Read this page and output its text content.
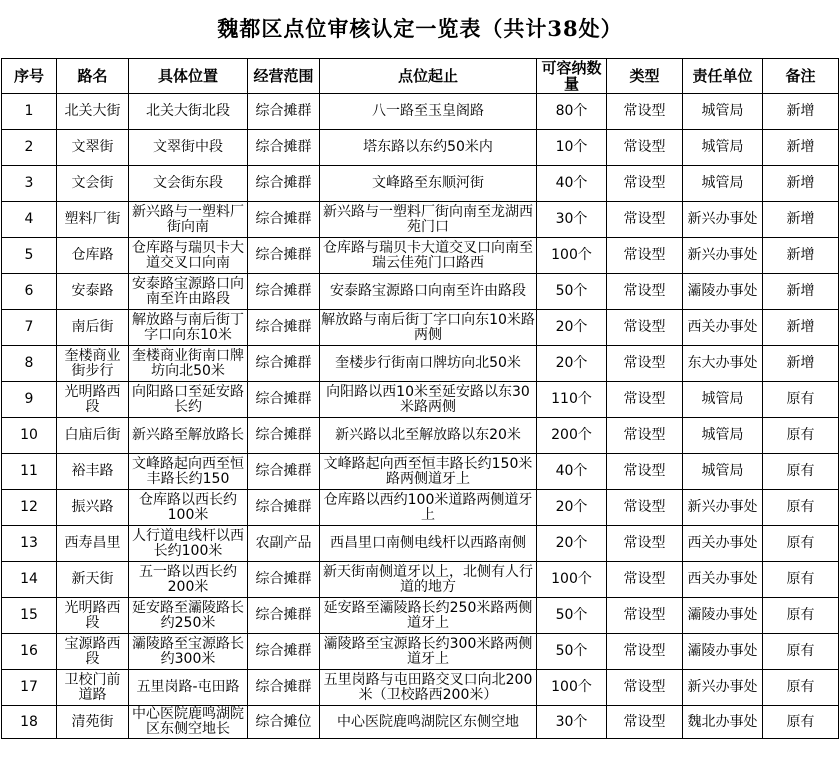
魏都区点位审核认定一览表（共计38处）
序号	路名	具体位置	经营范围	点位起止	可容纳数量	类型	责任单位	备注
1	北关大街	北关大街北段	综合摊群	八一路至玉皇阁路	80个	常设型	城管局	新增
2	文翠街	文翠街中段	综合摊群	塔东路以东约50米内	10个	常设型	城管局	新增
3	文会街	文会街东段	综合摊群	文峰路至东顺河街	40个	常设型	城管局	新增
4	塑料厂街	新兴路与一塑料厂街向南	综合摊群	新兴路与一塑料厂街向南至龙湖西苑门口	30个	常设型	新兴办事处	新增
5	仓库路	仓库路与瑞贝卡大道交叉口向南	综合摊群	仓库路与瑞贝卡大道交叉口向南至瑞云佳苑门口路西	100个	常设型	新兴办事处	新增
6	安泰路	安泰路宝源路口向南至许由路段	综合摊群	安泰路宝源路口向南至许由路段	50个	常设型	灞陵办事处	新增
7	南后街	解放路与南后街丁字口向东10米	综合摊群	解放路与南后街丁字口向东10米路两侧	20个	常设型	西关办事处	新增
8	奎楼商业街步行	奎楼商业街南口牌坊向北50米	综合摊群	奎楼步行街南口牌坊向北50米	20个	常设型	东大办事处	新增
9	光明路西段	向阳路口至延安路长约	综合摊群	向阳路以西10米至延安路以东30米路两侧	110个	常设型	城管局	原有
10	白庙后街	新兴路至解放路长	综合摊群	新兴路以北至解放路以东20米	200个	常设型	城管局	原有
11	裕丰路	文峰路起向西至恒丰路长约150	综合摊群	文峰路起向西至恒丰路长约150米路两侧道牙上	40个	常设型	城管局	原有
12	振兴路	仓库路以西长约100米	综合摊群	仓库路以西约100米道路两侧道牙上	20个	常设型	新兴办事处	原有
13	西寿昌里	人行道电线杆以西长约100米	农副产品	西昌里口南侧电线杆以西路南侧	20个	常设型	西关办事处	原有
14	新天街	五一路以西长约200米	综合摊群	新天街南侧道牙以上，北侧有人行道的地方	100个	常设型	西关办事处	原有
15	光明路西段	延安路至灞陵路长约250米	综合摊群	延安路至灞陵路长约250米路两侧道牙上	50个	常设型	灞陵办事处	原有
16	宝源路西段	灞陵路至宝源路长约300米	综合摊群	灞陵路至宝源路长约300米路两侧道牙上	50个	常设型	灞陵办事处	原有
17	卫校门前道路	五里岗路-屯田路	综合摊群	五里岗路与屯田路交叉口向北200米（卫校路西200米）	100个	常设型	新兴办事处	原有
18	清苑街	中心医院鹿鸣湖院区东侧空地长	综合摊位	中心医院鹿鸣湖院区东侧空地	30个	常设型	魏北办事处	原有
